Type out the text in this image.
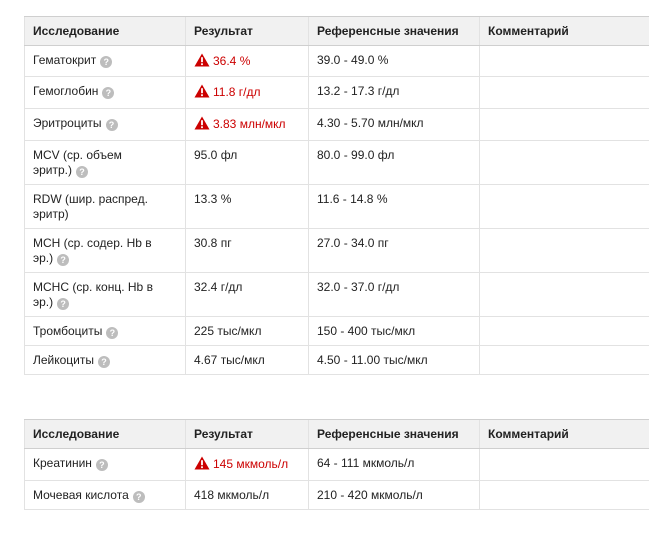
Исследование	Результат	Референсные значения	Комментарий
Гематокрит ?	36.4 %	39.0 - 49.0 %	
Гемоглобин ?	11.8 г/дл	13.2 - 17.3 г/дл	
Эритроциты ?	3.83 млн/мкл	4.30 - 5.70 млн/мкл	
MCV (ср. объем
эритр.) ?	95.0 фл	80.0 - 99.0 фл	
RDW (шир. распред.
эритр)	13.3 %	11.6 - 14.8 %	
MCH (ср. содер. Hb в
эр.) ?	30.8 пг	27.0 - 34.0 пг	
MCHC (ср. конц. Hb в
эр.) ?	32.4 г/дл	32.0 - 37.0 г/дл	
Тромбоциты ?	225 тыс/мкл	150 - 400 тыс/мкл	
Лейкоциты ?	4.67 тыс/мкл	4.50 - 11.00 тыс/мкл	
Исследование	Результат	Референсные значения	Комментарий
Креатинин ?	145 мкмоль/л	64 - 111 мкмоль/л	
Мочевая кислота ?	418 мкмоль/л	210 - 420 мкмоль/л	
